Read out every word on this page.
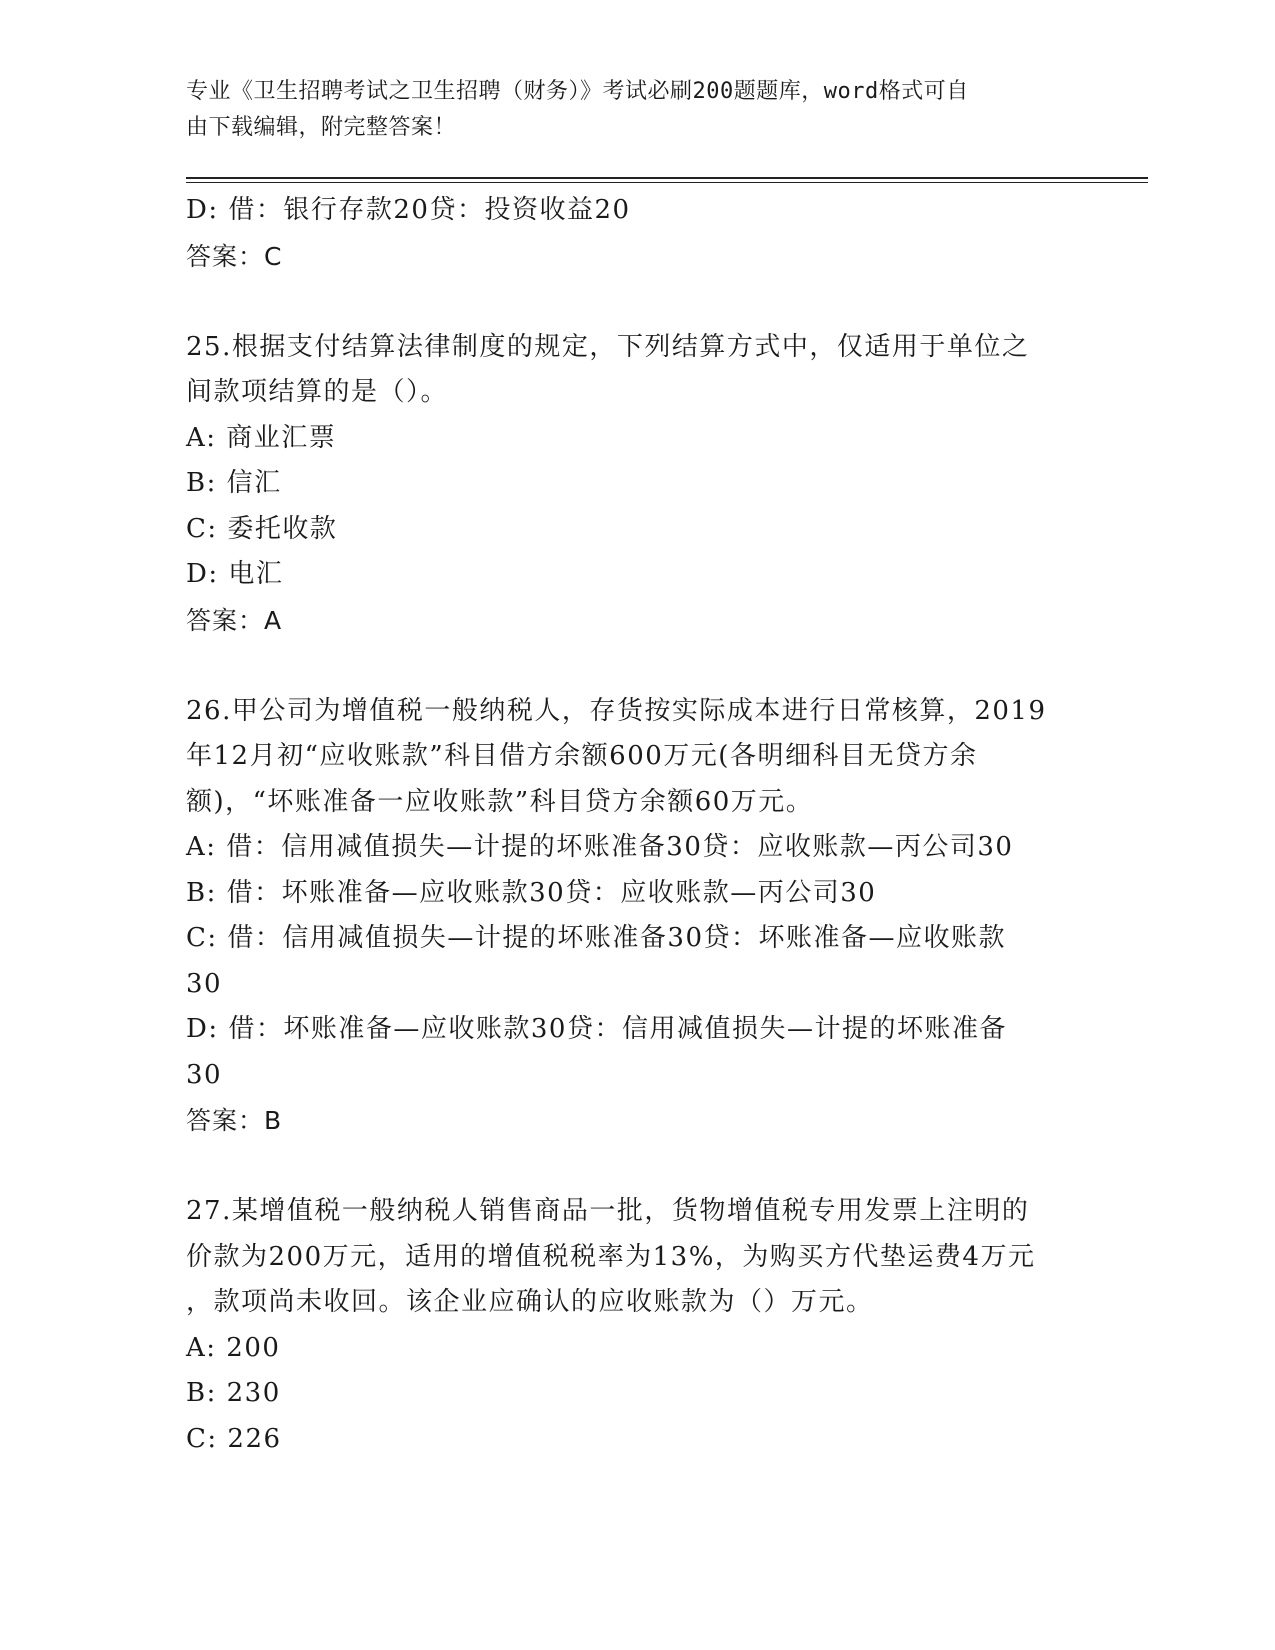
专业《卫生招聘考试之卫生招聘（财务）》考试必刷200题题库，word格式可自
由下载编辑，附完整答案！
D: 借：银行存款20贷：投资收益20
答案：C
25.根据支付结算法律制度的规定，下列结算方式中，仅适用于单位之
间款项结算的是（）。
A: 商业汇票
B: 信汇
C: 委托收款
D: 电汇
答案：A
26.甲公司为增值税一般纳税人，存货按实际成本进行日常核算，2019
年12月初“应收账款”科目借方余额600万元(各明细科目无贷方余
额)，“坏账准备一应收账款”科目贷方余额60万元。
A: 借：信用减值损失—计提的坏账准备30贷：应收账款—丙公司30
B: 借：坏账准备—应收账款30贷：应收账款—丙公司30
C: 借：信用减值损失—计提的坏账准备30贷：坏账准备—应收账款
30
D: 借：坏账准备—应收账款30贷：信用减值损失—计提的坏账准备
30
答案：B
27.某增值税一般纳税人销售商品一批，货物增值税专用发票上注明的
价款为200万元，适用的增值税税率为13%，为购买方代垫运费4万元
，款项尚未收回。该企业应确认的应收账款为（）万元。
A: 200
B: 230
C: 226
